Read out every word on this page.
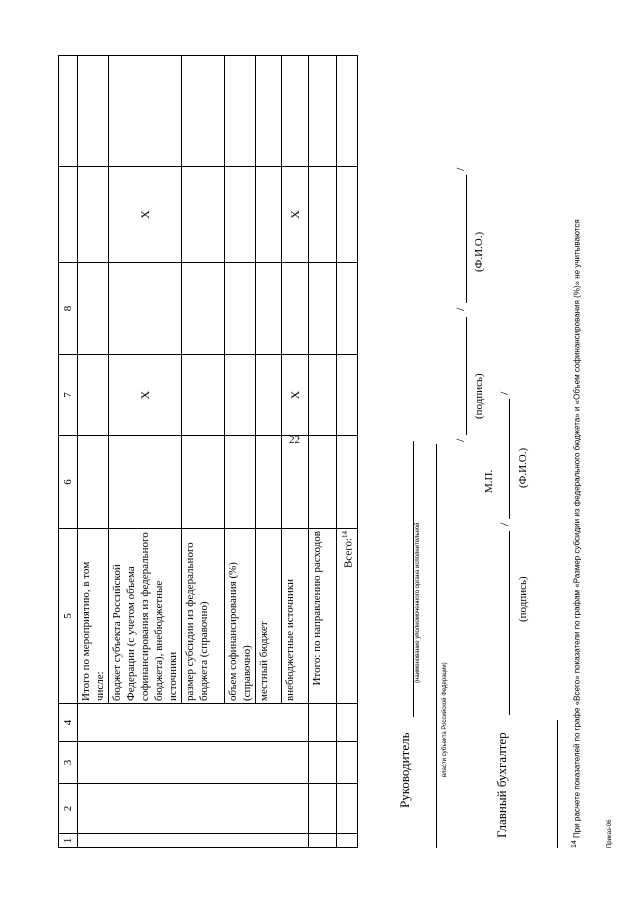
22
1	2	3	4	5	6	7	8		
				Итого по мероприятию, в том числе:					
				бюджет субъекта Российской Федерации (с учетом объема софинансирования из федерального бюджета), внебюджетные источники		X		X	
				размер субсидии из федерального бюджета (справочно)					
				объем софинансирования (%) (справочно)					
				местный бюджет					
				внебюджетные источники		X		X	
				Итого: по направлению расходов					
				Всего:$^{14}$					
Руководитель
(наименование уполномоченного органа исполнительной
власти субъекта Российской Федерации)
/
/
/
(подпись)
(Ф.И.О.)
М.П.
Главный бухгалтер
/
/
(подпись)
(Ф.И.О.)
$^{14}$ При расчете показателей по графе «Всего» показатели по графам «Размер субсидии из федерального бюджета» и «Объем софинансирования (%)» не учитываются	Приказ-06
